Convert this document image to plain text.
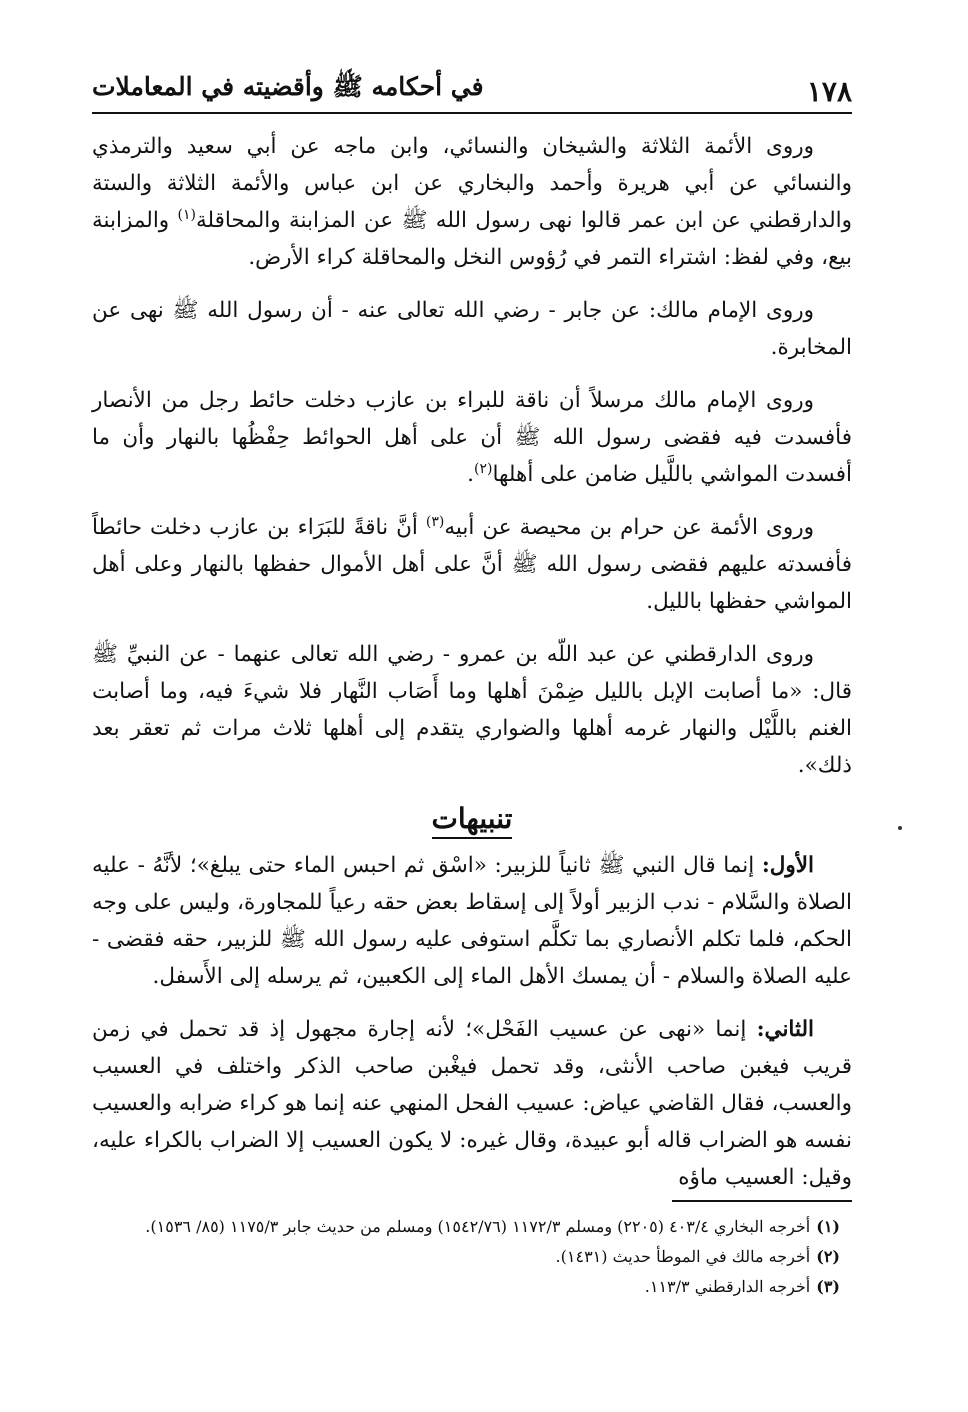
١٧٨
في أحكامه ﷺ وأقضيته في المعاملات

وروى الأئمة الثلاثة والشيخان والنسائي، وابن ماجه عن أبي سعيد والترمذي والنسائي عن أبي هريرة وأحمد والبخاري عن ابن عباس والأئمة الثلاثة والستة والدارقطني عن ابن عمر قالوا نهى رسول الله ﷺ عن المزابنة والمحاقلة$^{(١)}$ والمزابنة بيع، وفي لفظ: اشتراء التمر في رُؤوس النخل والمحاقلة كراء الأرض.

وروى الإمام مالك: عن جابر - رضي الله تعالى عنه - أن رسول الله ﷺ نهى عن المخابرة.

وروى الإمام مالك مرسلاً أن ناقة للبراء بن عازب دخلت حائط رجل من الأنصار فأفسدت فيه فقضى رسول الله ﷺ أن على أهل الحوائط حِفْظُها بالنهار وأن ما أفسدت المواشي باللَّيل ضامن على أهلها$^{(٢)}$.

وروى الأئمة عن حرام بن محيصة عن أبيه$^{(٣)}$ أنَّ ناقةً للبَرَاء بن عازب دخلت حائطاً فأفسدته عليهم فقضى رسول الله ﷺ أنَّ على أهل الأموال حفظها بالنهار وعلى أهل المواشي حفظها بالليل.

وروى الدارقطني عن عبد اللّه بن عمرو - رضي الله تعالى عنهما - عن النبيِّ ﷺ قال: «ما أصابت الإبل بالليل ضِمْنَ أهلها وما أَصَاب النَّهار فلا شيءَ فيه، وما أصابت الغنم باللَّيْل والنهار غرمه أهلها والضواري يتقدم إلى أهلها ثلاث مرات ثم تعقر بعد ذلك».

تنبيهات

الأول: إنما قال النبي ﷺ ثانياً للزبير: «اسْق ثم احبس الماء حتى يبلغ»؛ لأنَّهُ - عليه الصلاة والسَّلام - ندب الزبير أولاً إلى إسقاط بعض حقه رعياً للمجاورة، وليس على وجه الحكم، فلما تكلم الأنصاري بما تكلَّم استوفى عليه رسول الله ﷺ للزبير، حقه فقضى - عليه الصلاة والسلام - أن يمسك الأهل الماء إلى الكعبين، ثم يرسله إلى الأَسفل.

الثاني: إنما «نهى عن عسيب الفَحْل»؛ لأنه إجارة مجهول إذ قد تحمل في زمن قريب فيغبن صاحب الأنثى، وقد تحمل فيغْبن صاحب الذكر واختلف في العسيب والعسب، فقال القاضي عياض: عسيب الفحل المنهي عنه إنما هو كراء ضرابه والعسيب نفسه هو الضراب قاله أبو عبيدة، وقال غيره: لا يكون العسيب إلا الضراب بالكراء عليه، وقيل: العسيب ماؤه

(١)أخرجه البخاري ٤٠٣/٤ (٢٢٠٥) ومسلم ١١٧٢/٣ (١٥٤٢/٧٦) ومسلم من حديث جابر ١١٧٥/٣ (٨٥/ ١٥٣٦).

(٢)أخرجه مالك في الموطأ حديث (١٤٣١).

(٣)أخرجه الدارقطني ١١٣/٣.
